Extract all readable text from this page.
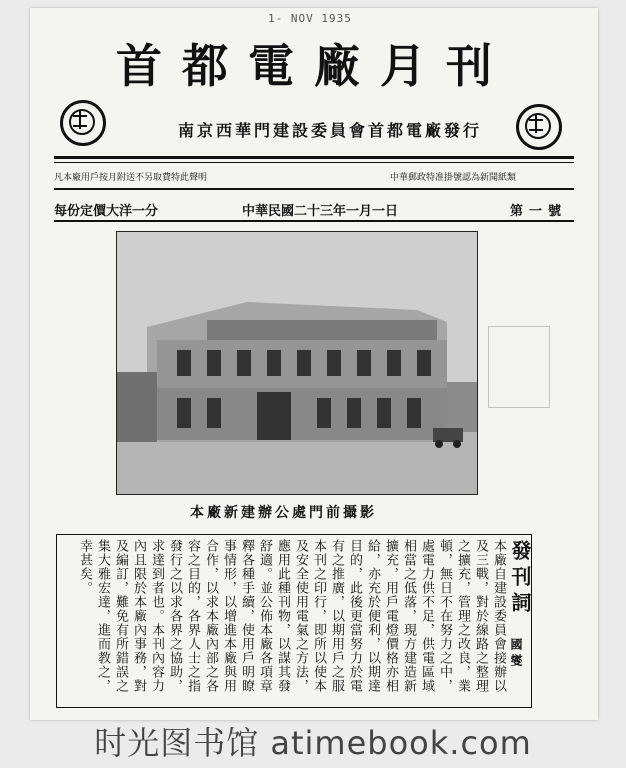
1- NOV 1935
首都電廠月刊
南京西華門建設委員會首都電廠發行
中華郵政特准掛號認為新聞紙類
凡本廠用戶按月附送不另取費特此聲明
每份定價大洋一分	中華民國二十三年一月一日	第一號
本廠新建辦公處門前攝影
本廠自建設委員會接辦以
及三戰，對於線路之整理
之擴充，管理之改良，業
頓，無日不在努力之中，
處電力供不足，供電區域
相當之低落，現方建造新
擴充，用戶電燈價格亦相
給，亦充於便利，以期達
目的，此後更當努力於電
有之推廣，以期用戶之服
本刊之印行，即所以使本
及安全使用電氣之方法，
應用此種刊物，以謀其發
舒適。並公佈本廠各項章
釋各種手續，使用戶明瞭
事情形，以增進本廠與用
合作，以求本廠內部之各
容之目的，各界人士之指
發行之以求各界之協助，
求達到者也。本刊內容力
內且限於本廠內事務，對
及編訂，難免有所錯誤之
集大雅宏達，進而教之，
幸甚矣。	發刊詞
國燮
时光图书馆 atimebook.com
